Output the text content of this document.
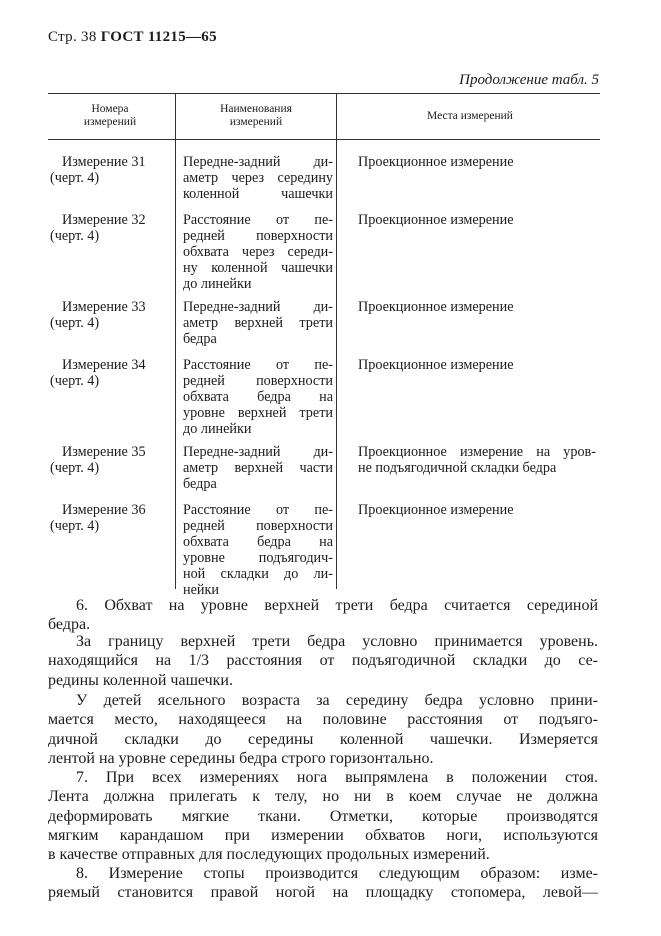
Стр. 38 ГОСТ 11215—65
Продолжение табл. 5
Номера
измерений
Наименования
измерений	Места измерений
Измерение 31
(черт. 4)
Передне-задний ди-
аметр через середину
коленной чашечки
Проекционное измерение
Измерение 32
(черт. 4)
Расстояние от пе-
редней поверхности
обхвата через середи-
ну коленной чашечки
до линейки
Проекционное измерение
Измерение 33
(черт. 4)
Передне-задний ди-
аметр верхней трети
бедра
Проекционное измерение
Измерение 34
(черт. 4)
Расстояние от пе-
редней поверхности
обхвата бедра на
уровне верхней трети
до линейки
Проекционное измерение
Измерение 35
(черт. 4)
Передне-задний ди-
аметр верхней части
бедра
Проекционное измерение на уров-
не подъягодичной складки бедра
Измерение 36
(черт. 4)
Расстояние от пе-
редней поверхности
обхвата бедра на
уровне подъягодич-
ной складки до ли-
нейки
Проекционное измерение
6. Обхват на уровне верхней трети бедра считается серединой
бедра.
За границу верхней трети бедра условно принимается уровень.
находящийся на 1/3 расстояния от подъягодичной складки до се-
редины коленной чашечки.
У детей ясельного возраста за середину бедра условно прини-
мается место, находящееся на половине расстояния от подъяго-
дичной складки до середины коленной чашечки. Измеряется
лентой на уровне середины бедра строго горизонтально.
7. При всех измерениях нога выпрямлена в положении стоя.
Лента должна прилегать к телу, но ни в коем случае не должна
деформировать мягкие ткани. Отметки, которые производятся
мягким карандашом при измерении обхватов ноги, используются
в качестве отправных для последующих продольных измерений.
8. Измерение стопы производится следующим образом: изме-
ряемый становится правой ногой на площадку стопомера, левой—
